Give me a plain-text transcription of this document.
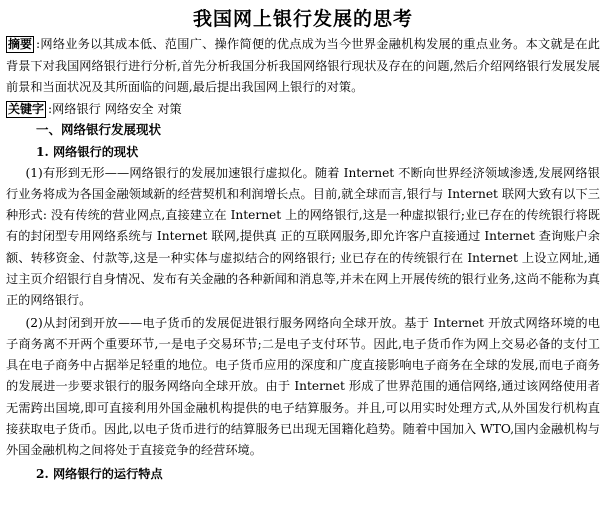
我国网上银行发展的思考

摘要 :网络业务以其成本低、范围广、操作简便的优点成为当今世界金融机构发展的重点业务。本文就是在此背景下对我国网络银行进行分析,首先分析我国分析我国网络银行现状及存在的问题,然后介绍网络银行发展发展前景和当面状况及其所面临的问题,最后提出我国网上银行的对策。

关键字 :网络银行 网络安全 对策

一、网络银行发展现状
1. 网络银行的现状

(1)有形到无形——网络银行的发展加速银行虚拟化。随着 Internet 不断向世界经济领域渗透,发展网络银行业务将成为各国金融领域新的经营契机和利润增长点。目前,就全球而言,银行与 Internet 联网大致有以下三种形式: 没有传统的营业网点,直接建立在 Internet 上的网络银行,这是一种虚拟银行;业已存在的传统银行将既有的封闭型专用网络系统与 Internet 联网,提供真 正的互联网服务,即允许客户直接通过 Internet 查询账户余额、转移资金、付款等,这是一种实体与虚拟结合的网络银行; 业已存在的传统银行在 Internet 上设立网址,通过主页介绍银行自身情况、发布有关金融的各种新闻和消息等,并未在网上开展传统的银行业务,这尚不能称为真正的网络银行。

(2)从封闭到开放——电子货币的发展促进银行服务网络向全球开放。基于 Internet 开放式网络环境的电子商务离不开两个重要环节,一是电子交易环节;二是电子支付环节。因此,电子货币作为网上交易必备的支付工具在电子商务中占据举足轻重的地位。电子货币应用的深度和广度直接影响电子商务在全球的发展,而电子商务的发展进一步要求银行的服务网络向全球开放。由于 Internet 形成了世界范围的通信网络,通过该网络使用者无需跨出国境,即可直接利用外国金融机构提供的电子结算服务。并且,可以用实时处理方式,从外国发行机构直接获取电子货币。因此,以电子货币进行的结算服务已出现无国籍化趋势。随着中国加入 WTO,国内金融机构与外国金融机构之间将处于直接竞争的经营环境。

2. 网络银行的运行特点
